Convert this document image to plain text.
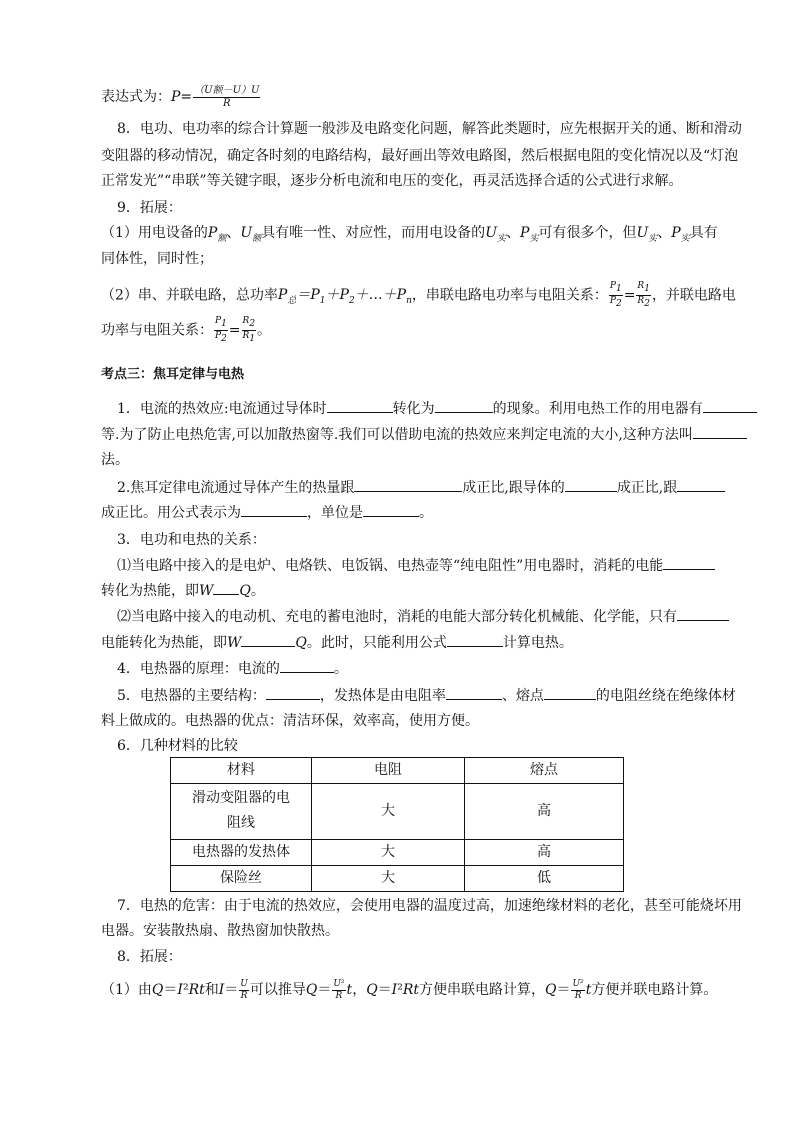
表达式为：$P= \frac{\text{（U额－U）U}}{R}$
8．电功、电功率的综合计算题一般涉及电路变化问题，解答此类题时，应先根据开关的通、断和滑动
变阻器的移动情况，确定各时刻的电路结构，最好画出等效电路图，然后根据电阻的变化情况以及“灯泡
正常发光”“串联”等关键字眼，逐步分析电流和电压的变化，再灵活选择合适的公式进行求解。
9．拓展：
（1）用电设备的$P_额$、$U_额$具有唯一性、对应性，而用电设备的$U_实$、$P_实$可有很多个，但$U_实$、$P_实$具有
同体性，同时性；
（2）串、并联电路，总功率$P_总=P_1+P_2+\dots+P_n$，串联电路电功率与电阻关系： $\frac{P_1}{P_2} = \frac{R_1}{R_2}$ ，并联电路电
功率与电阻关系： $\frac{P_1}{P_2} = \frac{R_2}{R_1}$ 。
考点三：焦耳定律与电热
1．电流的热效应:电流通过导体时	转化为	的现象。利用电热工作的用电器有
等.为了防止电热危害,可以加散热窗等.我们可以借助电流的热效应来判定电流的大小,这种方法叫
法。
2.焦耳定律电流通过导体产生的热量跟	成正比,跟导体的	成正比,跟
成正比。用公式表示为	，单位是	。
3．电功和电热的关系：
⑴当电路中接入的是电炉、电烙铁、电饭锅、电热壶等“纯电阻性”用电器时，消耗的电能
转化为热能，即W Q。
⑵当电路中接入的电动机、充电的蓄电池时，消耗的电能大部分转化机械能、化学能，只有
电能转化为热能，即W	Q。此时，只能利用公式	计算电热。
4．电热器的原理：电流的	。
5．电热器的主要结构：	，发热体是由电阻率	、熔点	的电阻丝绕在绝缘体材
料上做成的。电热器的优点：清洁环保，效率高，使用方便。
6．几种材料的比较
材料	电阻	熔点
滑动变阻器的电
阻线	大	高
电热器的发热体	大	高
保险丝	大	低
7．电热的危害：由于电流的热效应，会使用电器的温度过高，加速绝缘材料的老化，甚至可能烧坏用
电器。安装散热扇、散热窗加快散热。
8．拓展：
（1）由Q＝I²Rt和$I= \frac{U}{R}$ 可以推导$Q= \frac{\text{U²}}{R}$ t，Q＝I²Rt方便串联电路计算，$Q= \frac{\text{U²}}{R}$ t方便并联电路计算。
